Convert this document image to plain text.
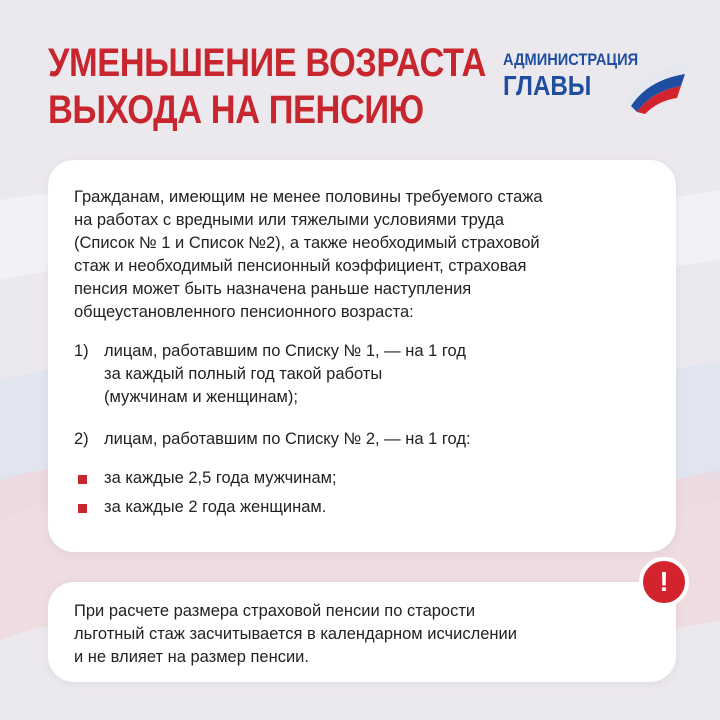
УМЕНЬШЕНИЕ ВОЗРАСТА
ВЫХОДА НА ПЕНСИЮ
АДМИНИСТРАЦИЯ
ГЛАВЫ
Гражданам, имеющим не менее половины требуемого стажа
на работах с вредными или тяжелыми условиями труда
(Список № 1 и Список №2), а также необходимый страховой
стаж и необходимый пенсионный коэффициент, страховая
пенсия может быть назначена раньше наступления
общеустановленного пенсионного возраста:
1) лицам, работавшим по Списку № 1, — на 1 год
за каждый полный год такой работы
(мужчинам и женщинам);
2) лицам, работавшим по Списку № 2, — на 1 год:
за каждые 2,5 года мужчинам;
за каждые 2 года женщинам.
При расчете размера страховой пенсии по старости
льготный стаж засчитывается в календарном исчислении
и не влияет на размер пенсии.
!
